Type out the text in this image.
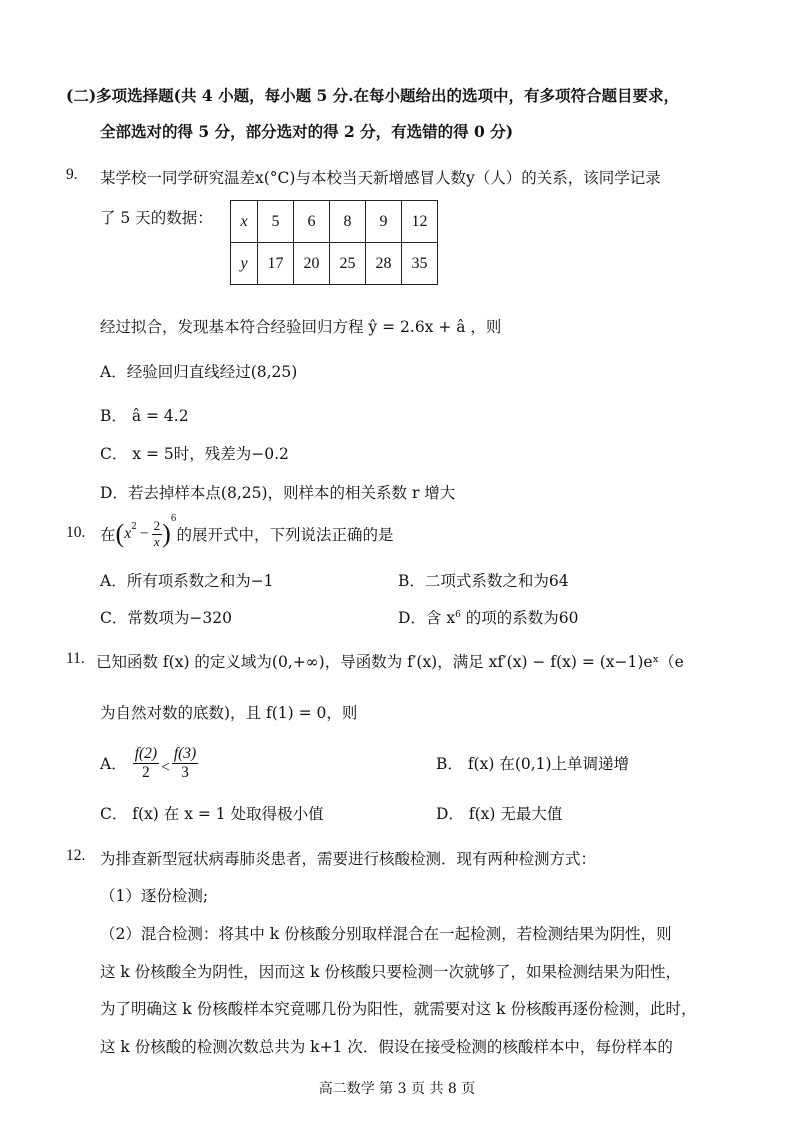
(二)多项选择题(共 4 小题，每小题 5 分.在每小题给出的选项中，有多项符合题目要求，
全部选对的得 5 分，部分选对的得 2 分，有选错的得 0 分)
9. 某学校一同学研究温差x(°C)与本校当天新增感冒人数y（人）的关系，该同学记录
了 5 天的数据： x	5	6	8	9	12
y	17	20	25	28	35
经过拟合，发现基本符合经验回归方程 ŷ = 2.6x + â ，则
A．经验回归直线经过(8,25)
B． â = 4.2
C． x = 5时，残差为−0.2
D．若去掉样本点(8,25)，则样本的相关系数 r 增大
10. 在 ( $x^2 - \frac{2}{x} )^6$
的展开式中，下列说法正确的是
A．所有项系数之和为−1	B．二项式系数之和为64
C．常数项为−320	D．含 $x^6$ 的项的系数为60
11. 已知函数 f(x) 的定义域为(0,+∞)，导函数为 f′(x)，满足 xf′(x) − f(x) = (x−1)eˣ（e
为自然对数的底数)，且 f(1) = 0，则
A． $\frac{f(2)}{2} < \frac{f(3)}{3}$	B． f(x) 在(0,1)上单调递增
C． f(x) 在 x = 1 处取得极小值	D． f(x) 无最大值
12. 为排查新型冠状病毒肺炎患者，需要进行核酸检测．现有两种检测方式：
（1）逐份检测;
（2）混合检测：将其中 k 份核酸分别取样混合在一起检测，若检测结果为阴性，则
这 k 份核酸全为阴性，因而这 k 份核酸只要检测一次就够了，如果检测结果为阳性，
为了明确这 k 份核酸样本究竟哪几份为阳性，就需要对这 k 份核酸再逐份检测，此时，
这 k 份核酸的检测次数总共为 k+1 次．假设在接受检测的核酸样本中，每份样本的
高二数学 第 3 页 共 8 页
